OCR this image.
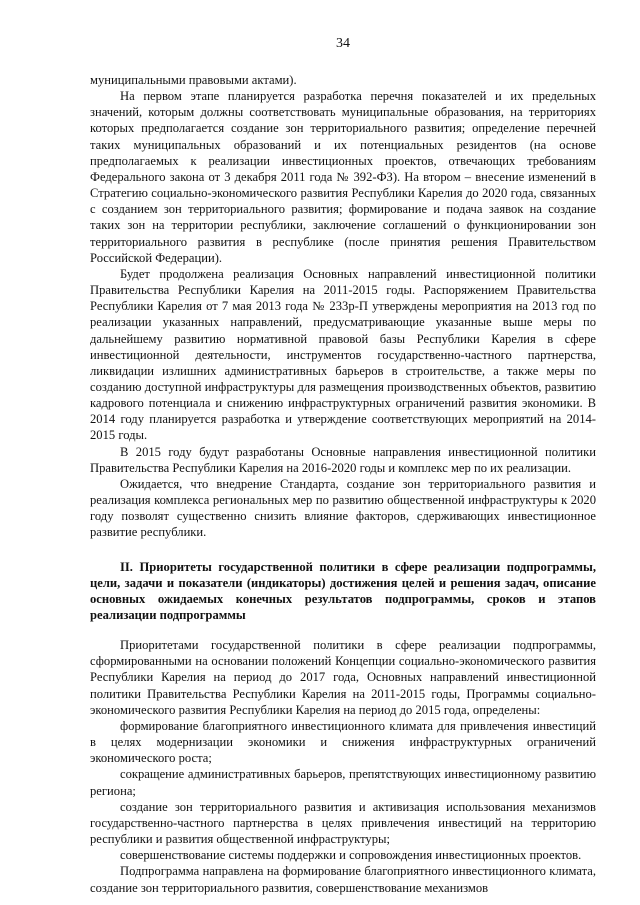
34

муниципальными правовыми актами).

На первом этапе планируется разработка перечня показателей и их предельных значений, которым должны соответствовать муниципальные образования, на территориях которых предполагается создание зон территориального развития; определение перечней таких муниципальных образований и их потенциальных резидентов (на основе предполагаемых к реализации инвестиционных проектов, отвечающих требованиям Федерального закона от 3 декабря 2011 года № 392-ФЗ). На втором – внесение изменений в Стратегию социально-экономического развития Республики Карелия до 2020 года, связанных с созданием зон территориального развития; формирование и подача заявок на создание таких зон на территории республики, заключение соглашений о функционировании зон территориального развития в республике (после принятия решения Правительством Российской Федерации).

Будет продолжена реализация Основных направлений инвестиционной политики Правительства Республики Карелия на 2011-2015 годы. Распоряжением Правительства Республики Карелия от 7 мая 2013 года № 233р-П утверждены мероприятия на 2013 год по реализации указанных направлений, предусматривающие указанные выше меры по дальнейшему развитию нормативной правовой базы Республики Карелия в сфере инвестиционной деятельности, инструментов государственно-частного партнерства, ликвидации излишних административных барьеров в строительстве, а также меры по созданию доступной инфраструктуры для размещения производственных объектов, развитию кадрового потенциала и снижению инфраструктурных ограничений развития экономики. В 2014 году планируется разработка и утверждение соответствующих мероприятий на 2014-2015 годы.

В 2015 году будут разработаны Основные направления инвестиционной политики Правительства Республики Карелия на 2016-2020 годы и комплекс мер по их реализации.

Ожидается, что внедрение Стандарта, создание зон территориального развития и реализация комплекса региональных мер по развитию общественной инфраструктуры к 2020 году позволят существенно снизить влияние факторов, сдерживающих инвестиционное развитие республики.

II. Приоритеты государственной политики в сфере реализации подпрограммы, цели, задачи и показатели (индикаторы) достижения целей и решения задач, описание основных ожидаемых конечных результатов подпрограммы, сроков и этапов реализации подпрограммы

Приоритетами государственной политики в сфере реализации подпрограммы, сформированными на основании положений Концепции социально-экономического развития Республики Карелия на период до 2017 года, Основных направлений инвестиционной политики Правительства Республики Карелия на 2011-2015 годы, Программы социально-экономического развития Республики Карелия на период до 2015 года, определены:

формирование благоприятного инвестиционного климата для привлечения инвестиций в целях модернизации экономики и снижения инфраструктурных ограничений экономического роста;

сокращение административных барьеров, препятствующих инвестиционному развитию региона;

создание зон территориального развития и активизация использования механизмов государственно-частного партнерства в целях привлечения инвестиций на территорию республики и развития общественной инфраструктуры;

совершенствование системы поддержки и сопровождения инвестиционных проектов.

Подпрограмма направлена на формирование благоприятного инвестиционного климата, создание зон территориального развития, совершенствование механизмов
